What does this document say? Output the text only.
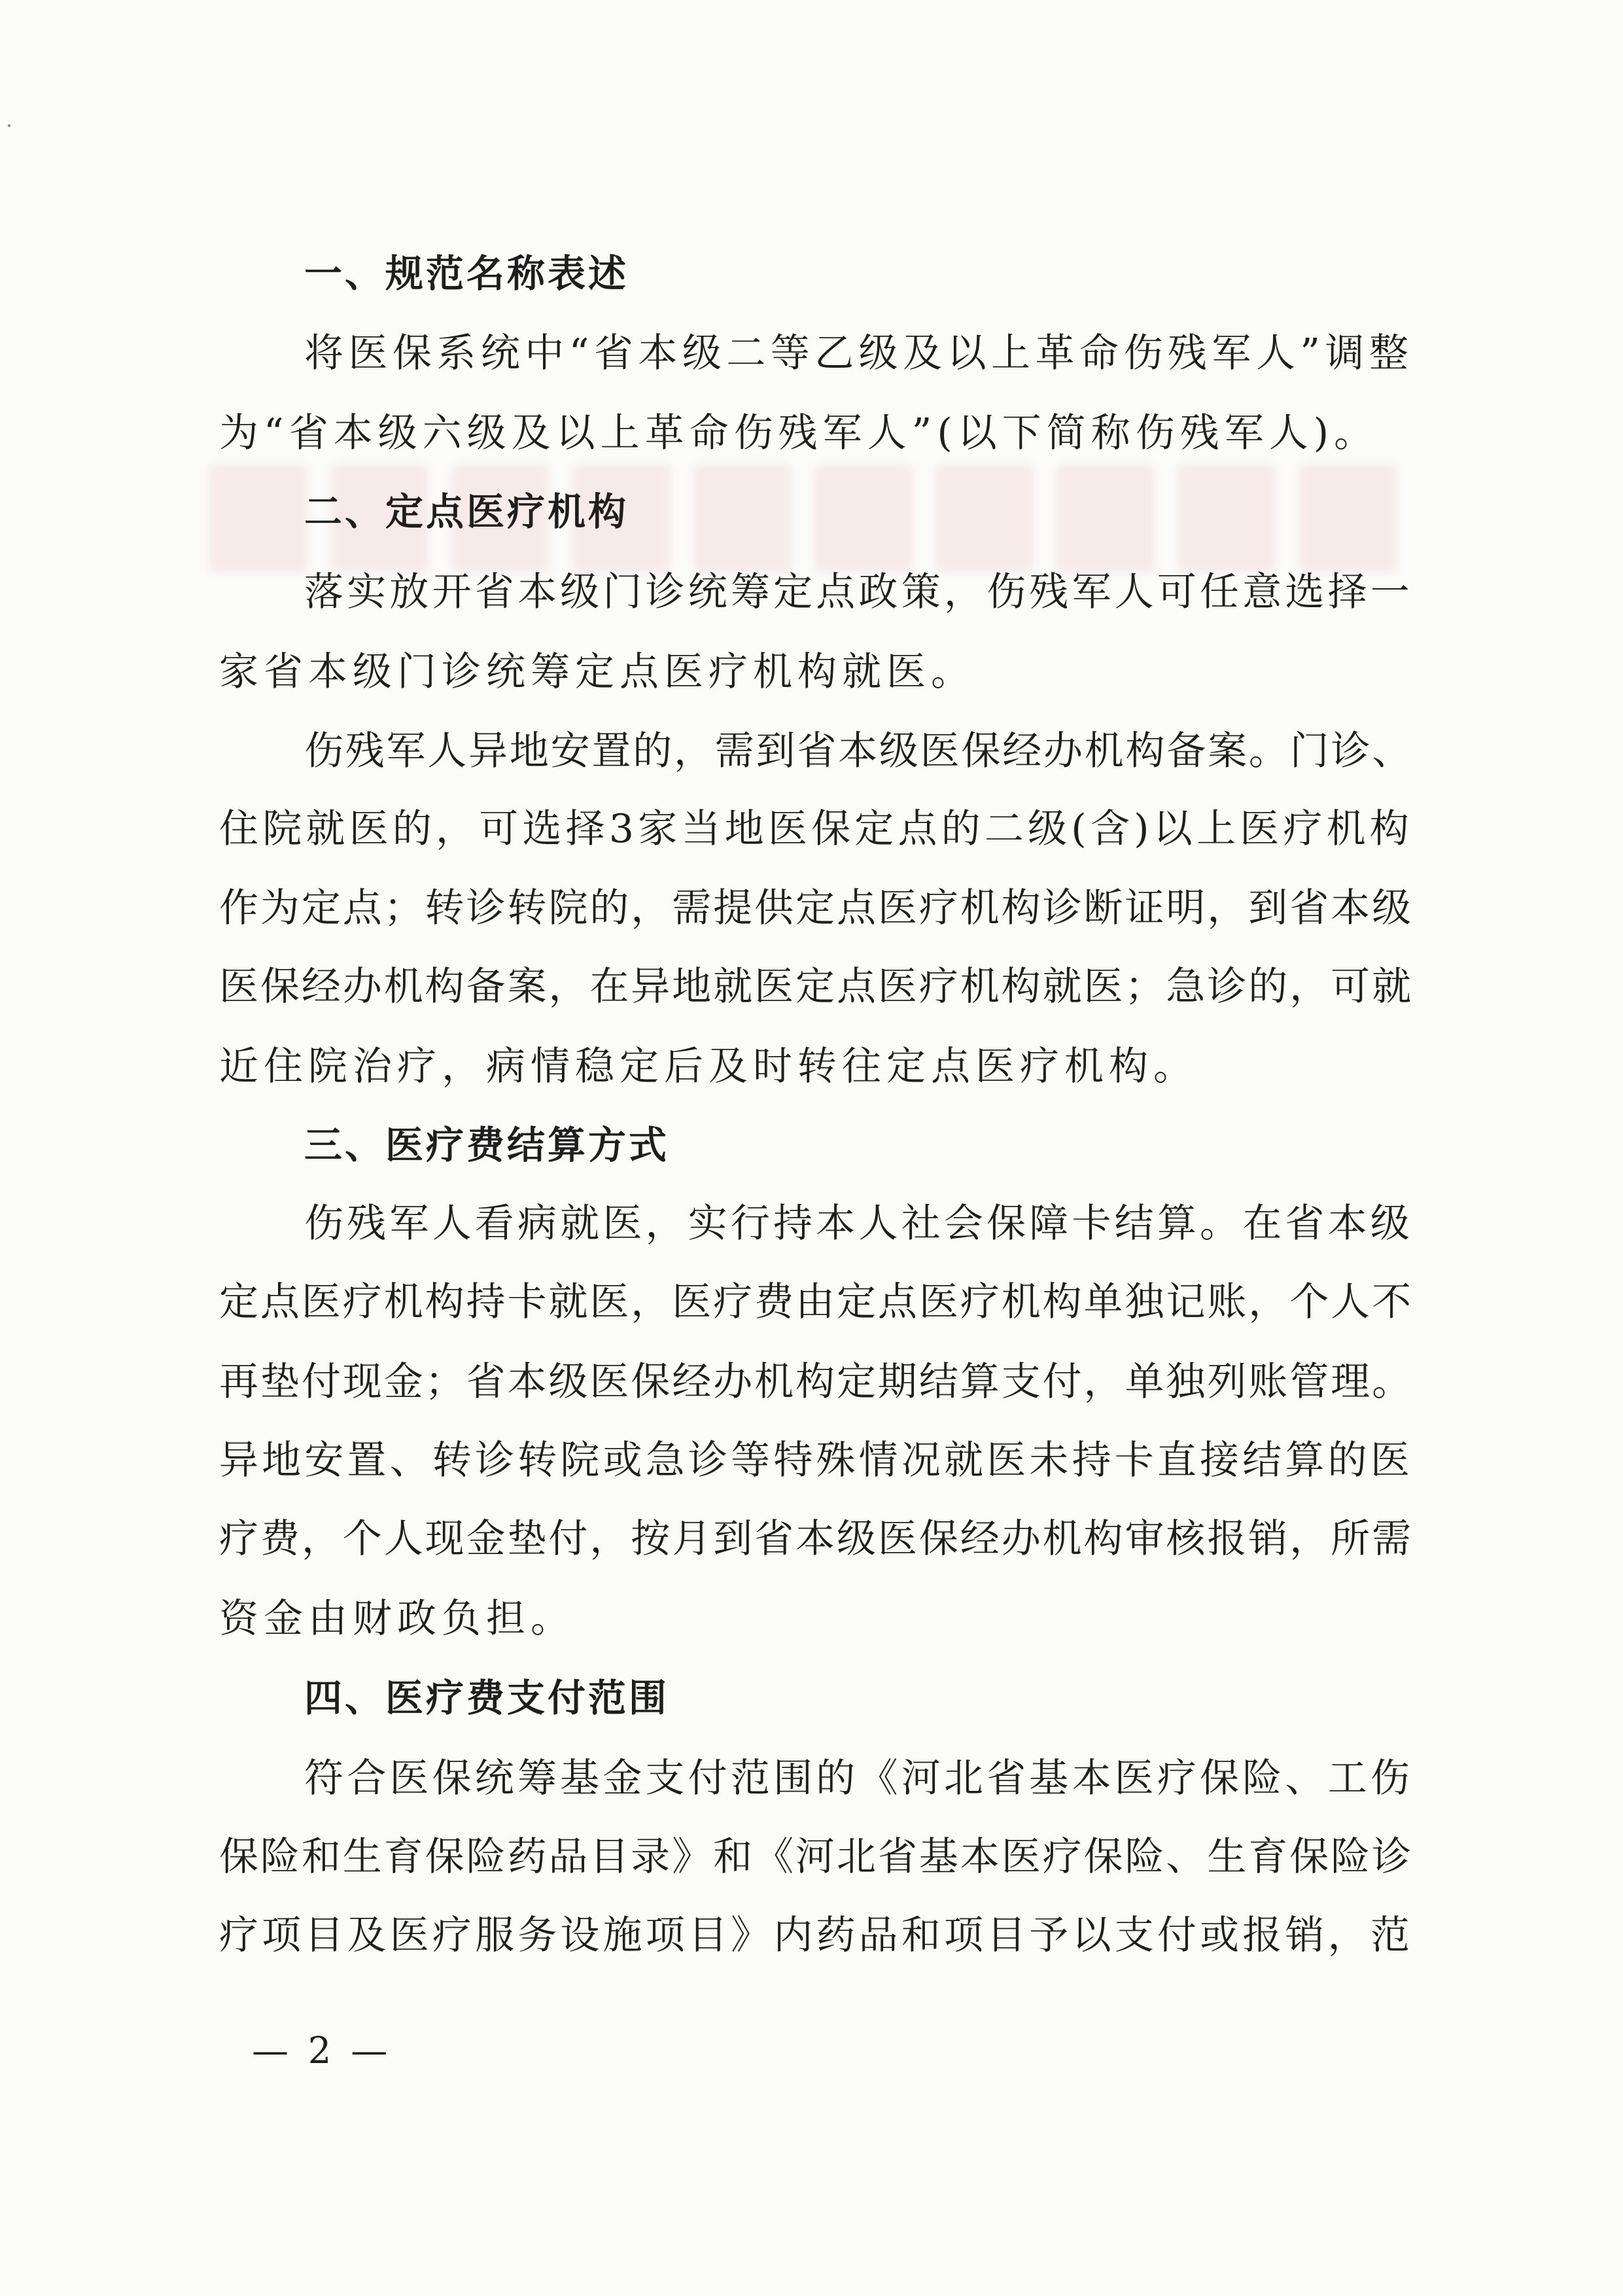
一、规范名称表述
将医保系统中“省本级二等乙级及以上革命伤残军人”调整
为“省本级六级及以上革命伤残军人”(以下简称伤残军人)。
二、定点医疗机构
落实放开省本级门诊统筹定点政策，伤残军人可任意选择一
家省本级门诊统筹定点医疗机构就医。
伤残军人异地安置的，需到省本级医保经办机构备案。门诊、
住院就医的，可选择3家当地医保定点的二级(含)以上医疗机构
作为定点；转诊转院的，需提供定点医疗机构诊断证明，到省本级
医保经办机构备案，在异地就医定点医疗机构就医；急诊的，可就
近住院治疗，病情稳定后及时转往定点医疗机构。
三、医疗费结算方式
伤残军人看病就医，实行持本人社会保障卡结算。在省本级
定点医疗机构持卡就医，医疗费由定点医疗机构单独记账，个人不
再垫付现金；省本级医保经办机构定期结算支付，单独列账管理。
异地安置、转诊转院或急诊等特殊情况就医未持卡直接结算的医
疗费，个人现金垫付，按月到省本级医保经办机构审核报销，所需
资金由财政负担。
四、医疗费支付范围
符合医保统筹基金支付范围的《河北省基本医疗保险、工伤
保险和生育保险药品目录》和《河北省基本医疗保险、生育保险诊
疗项目及医疗服务设施项目》内药品和项目予以支付或报销，范
— 2 —
